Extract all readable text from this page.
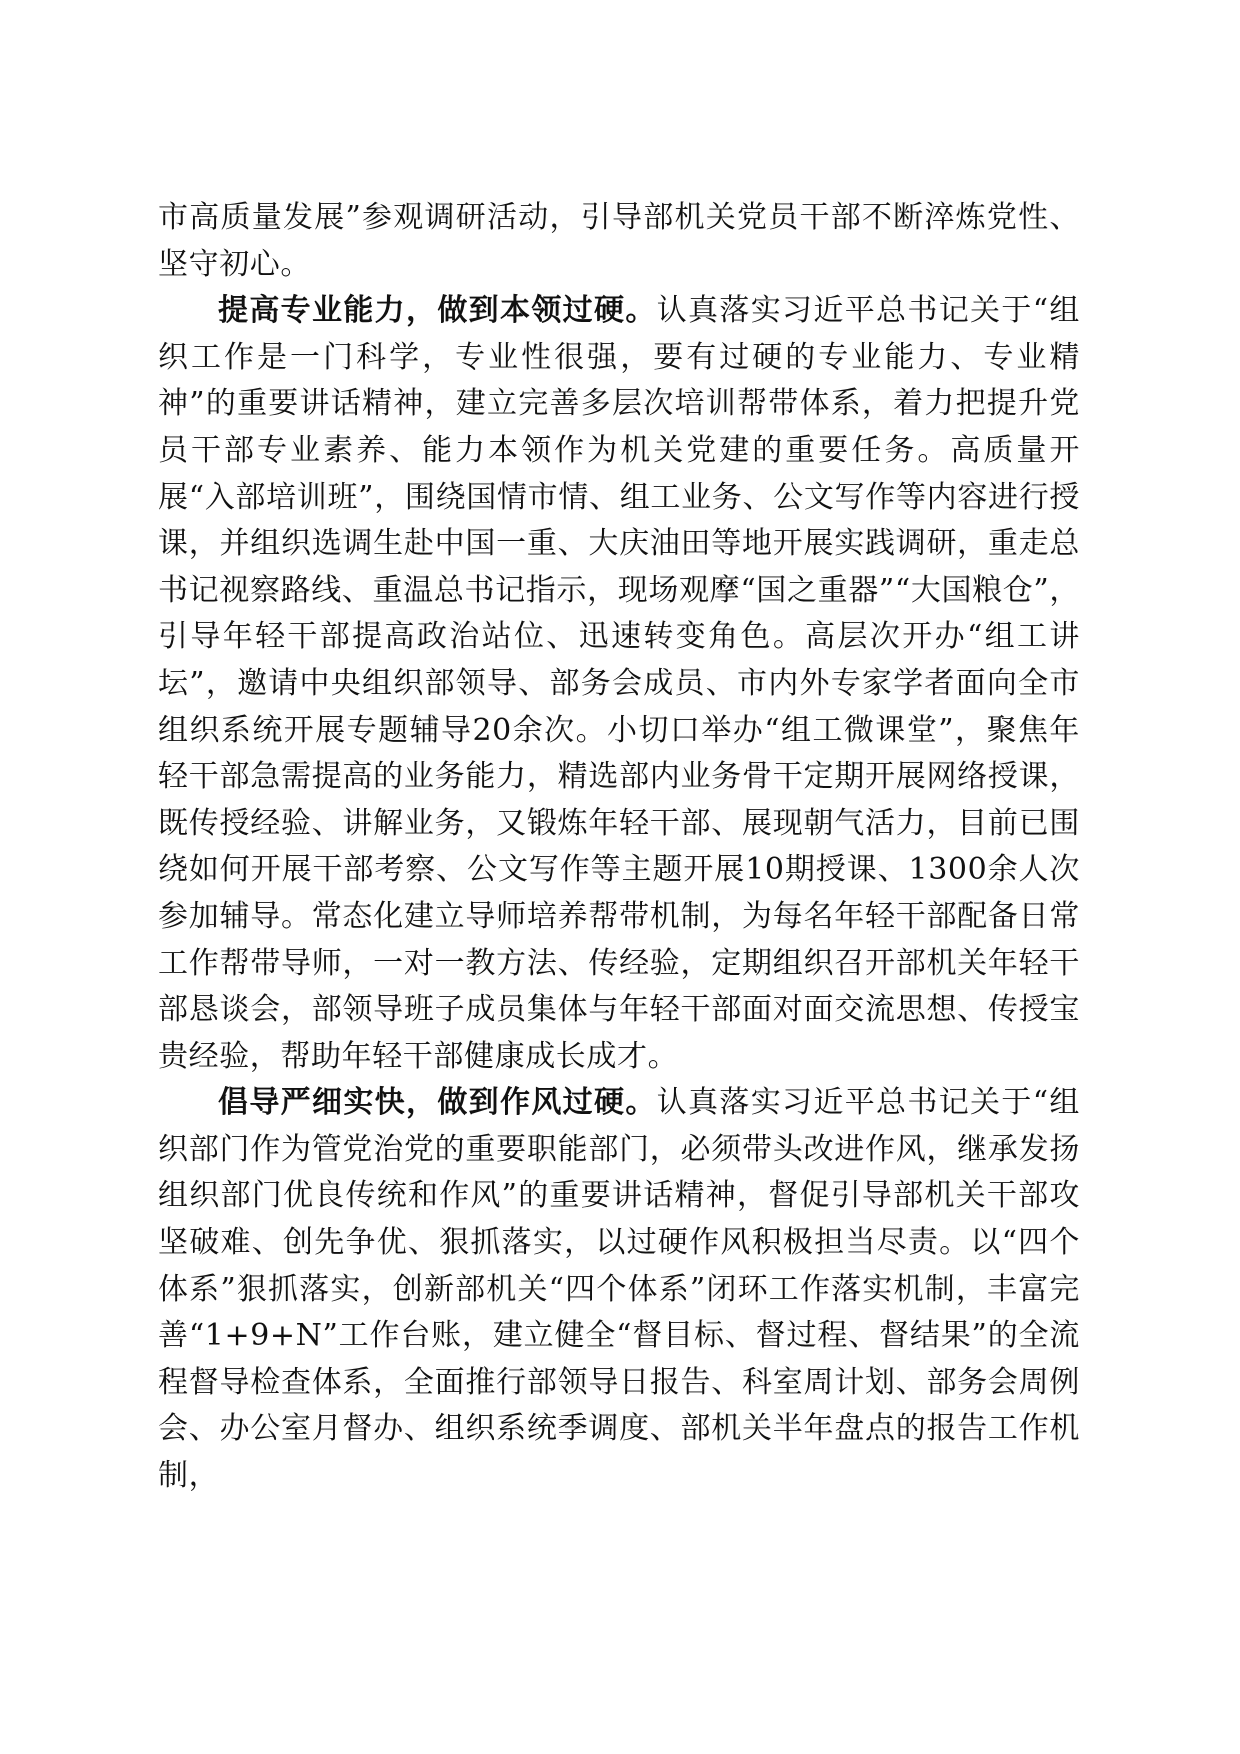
市高质量发展”参观调研活动，引导部机关党员干部不断淬炼党性、坚守初心。

提高专业能力，做到本领过硬。认真落实习近平总书记关于“组织工作是一门科学，专业性很强，要有过硬的专业能力、专业精神”的重要讲话精神，建立完善多层次培训帮带体系，着力把提升党员干部专业素养、能力本领作为机关党建的重要任务。高质量开展“入部培训班”，围绕国情市情、组工业务、公文写作等内容进行授课，并组织选调生赴中国一重、大庆油田等地开展实践调研，重走总书记视察路线、重温总书记指示，现场观摩“国之重器”“大国粮仓”，引导年轻干部提高政治站位、迅速转变角色。高层次开办“组工讲坛”，邀请中央组织部领导、部务会成员、市内外专家学者面向全市组织系统开展专题辅导20余次。小切口举办“组工微课堂”，聚焦年轻干部急需提高的业务能力，精选部内业务骨干定期开展网络授课，既传授经验、讲解业务，又锻炼年轻干部、展现朝气活力，目前已围绕如何开展干部考察、公文写作等主题开展10期授课、1300余人次参加辅导。常态化建立导师培养帮带机制，为每名年轻干部配备日常工作帮带导师，一对一教方法、传经验，定期组织召开部机关年轻干部恳谈会，部领导班子成员集体与年轻干部面对面交流思想、传授宝贵经验，帮助年轻干部健康成长成才。

倡导严细实快，做到作风过硬。认真落实习近平总书记关于“组织部门作为管党治党的重要职能部门，必须带头改进作风，继承发扬组织部门优良传统和作风”的重要讲话精神，督促引导部机关干部攻坚破难、创先争优、狠抓落实，以过硬作风积极担当尽责。以“四个体系”狠抓落实，创新部机关“四个体系”闭环工作落实机制，丰富完善“1+9+N”工作台账，建立健全“督目标、督过程、督结果”的全流程督导检查体系，全面推行部领导日报告、科室周计划、部务会周例会、办公室月督办、组织系统季调度、部机关半年盘点的报告工作机制，
